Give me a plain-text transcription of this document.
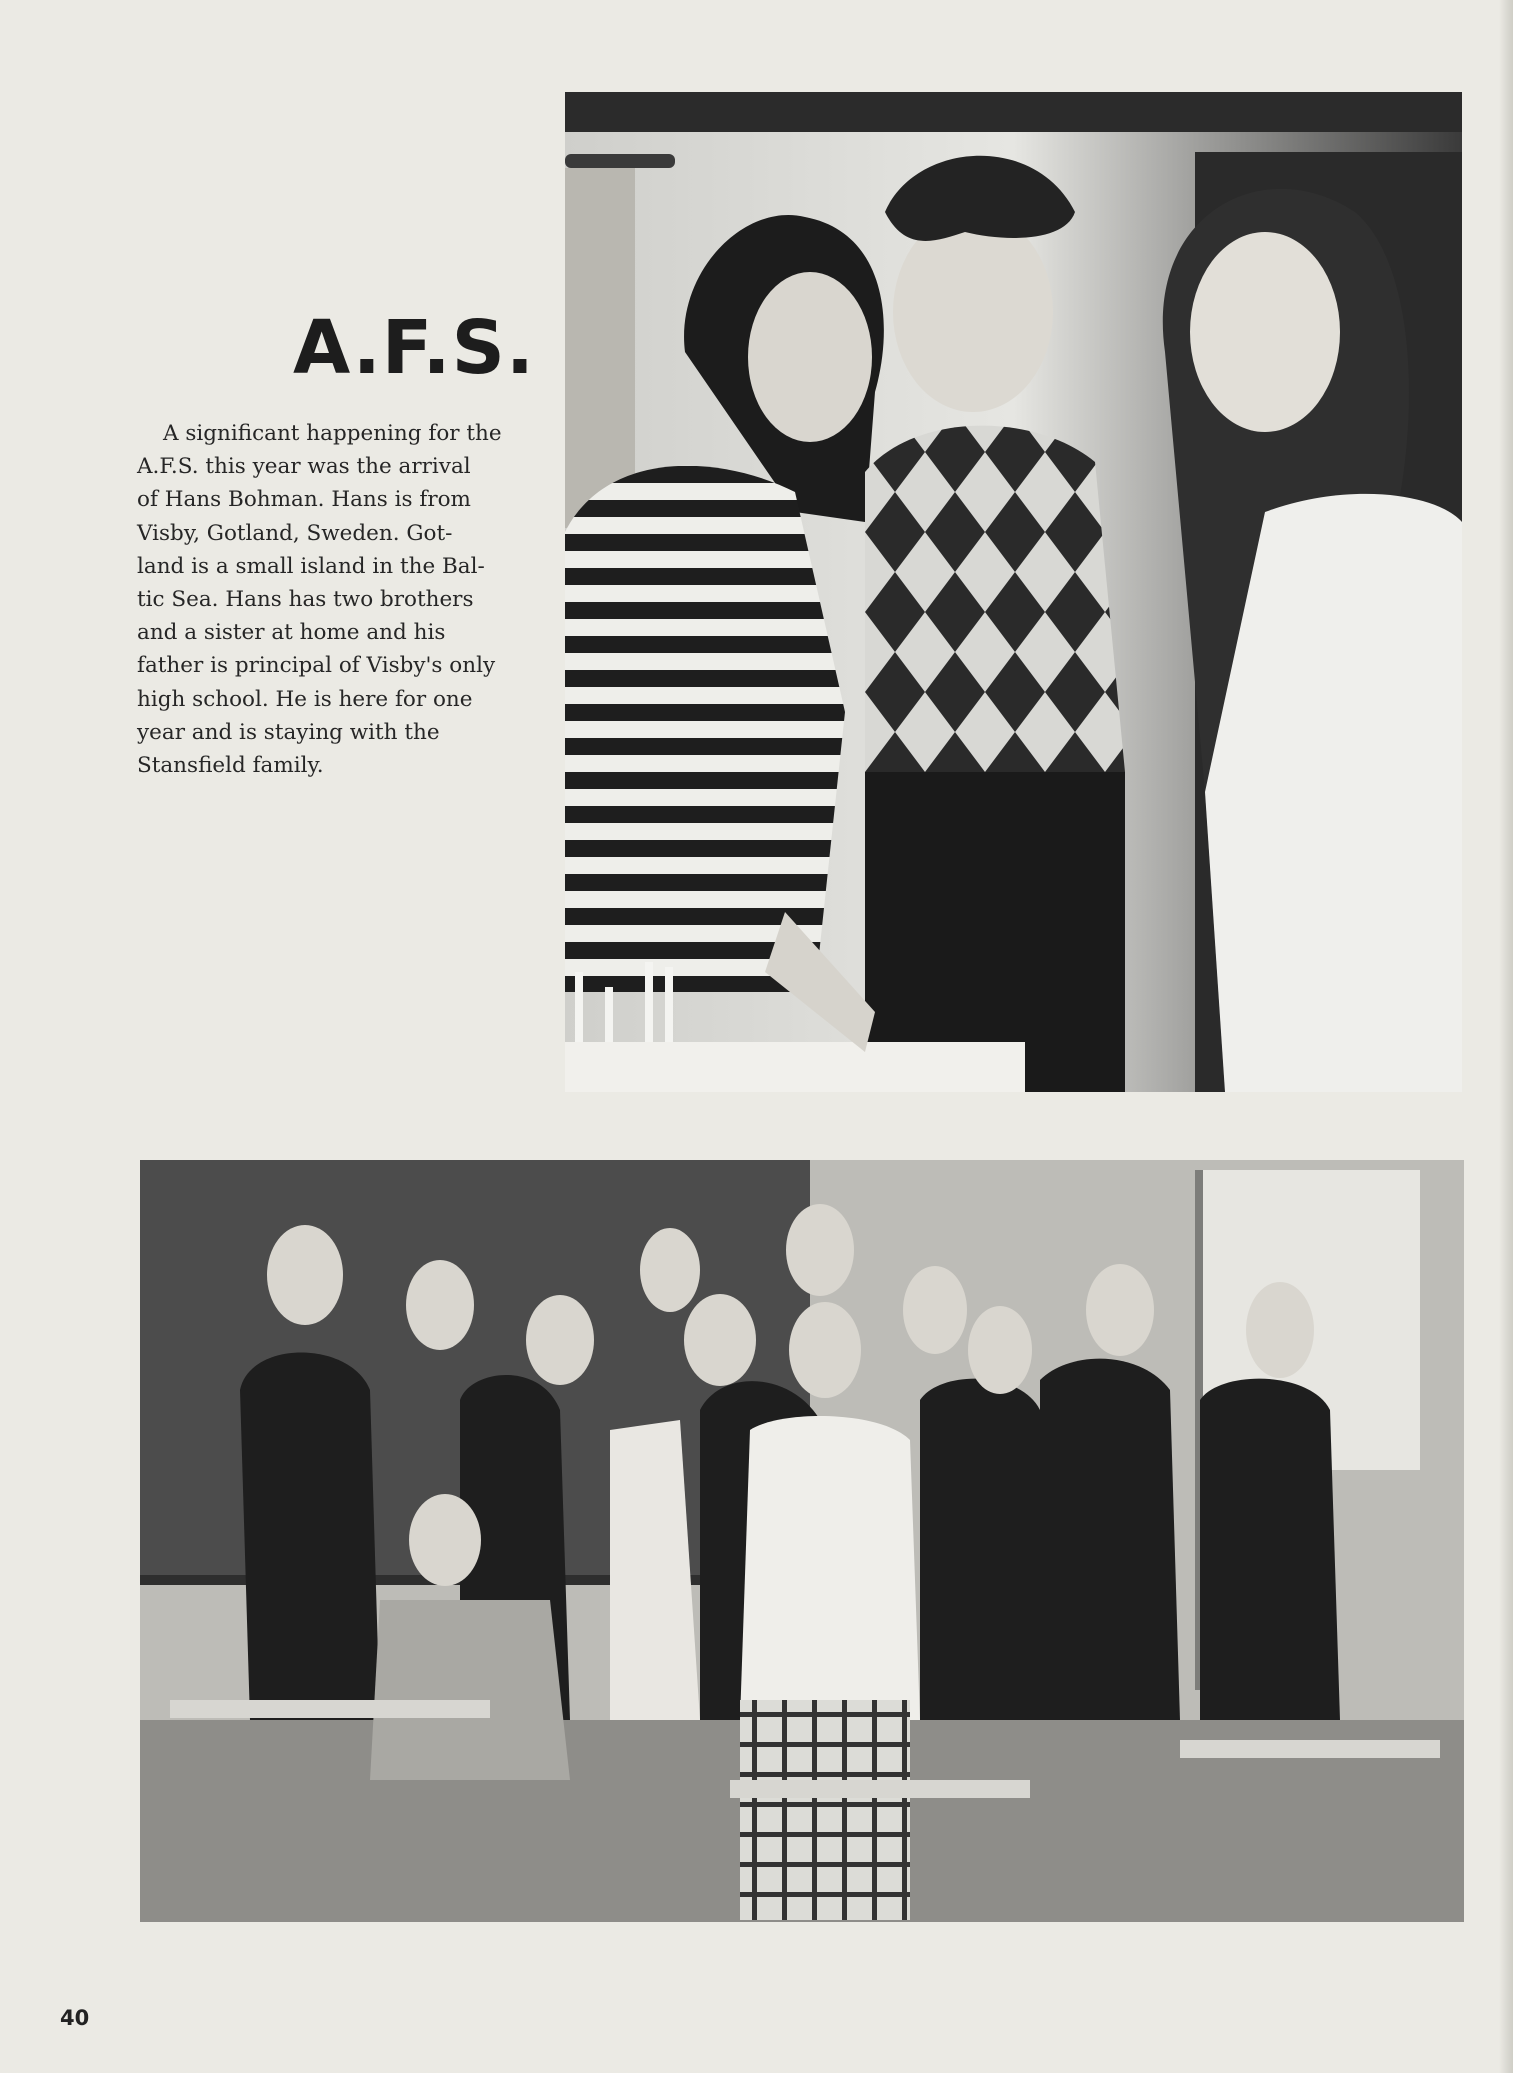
A.F.S.

A significant happening for the
A.F.S. this year was the arrival
of Hans Bohman. Hans is from
Visby, Gotland, Sweden. Got-
land is a small island in the Bal-
tic Sea. Hans has two brothers
and a sister at home and his
father is principal of Visby's only
high school. He is here for one
year and is staying with the
Stansfield family.

40
